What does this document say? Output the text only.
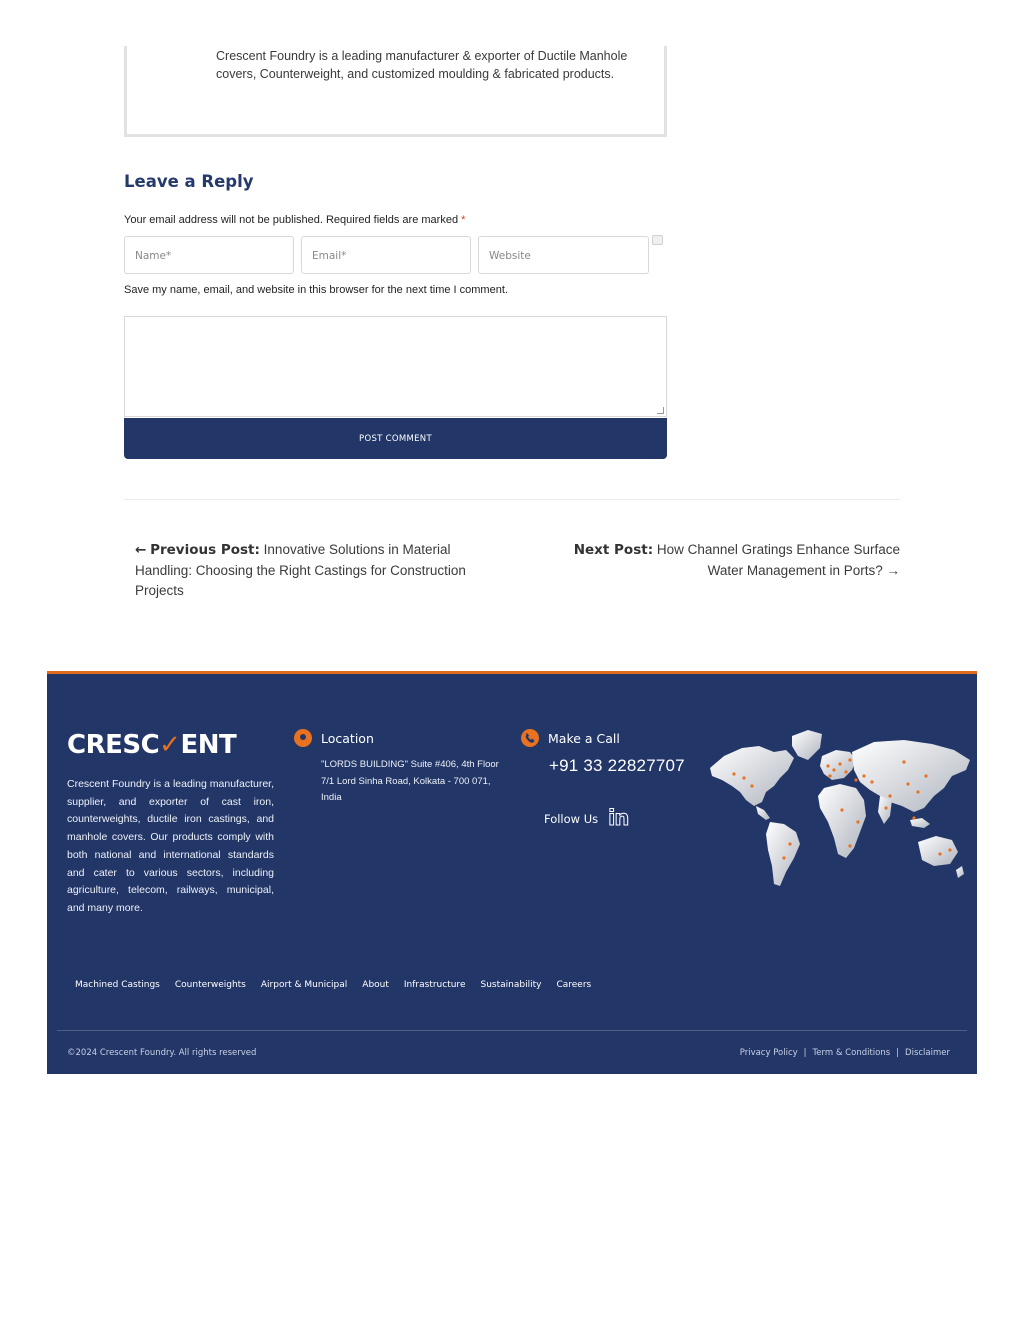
Crescent Foundry is a leading manufacturer & exporter of Ductile Manhole covers, Counterweight, and customized moulding & fabricated products.

Leave a Reply

Your email address will not be published. Required fields are marked *

Name*	Email*	Website

Save my name, email, and website in this browser for the next time I comment.

POST COMMENT
← Previous Post: Innovative Solutions in Material Handling: Choosing the Right Castings for Construction Projects
Next Post: How Channel Gratings Enhance Surface Water Management in Ports? →
CRESC✓ENT

Crescent Foundry is a leading manufacturer, supplier, and exporter of cast iron, counterweights, ductile iron castings, and manhole covers. Our products comply with both national and international standards and cater to various sectors, including agriculture, telecom, railways, municipal, and many more.

Location

"LORDS BUILDING" Suite #406, 4th Floor 7/1 Lord Sinha Road, Kolkata - 700 071, India

Make a Call
+91 33 22827707
Follow Us in
Machined Castings Counterweights Airport & Municipal About Infrastructure Sustainability Careers
©2024 Crescent Foundry. All rights reserved	Privacy Policy | Term & Conditions | Disclaimer
